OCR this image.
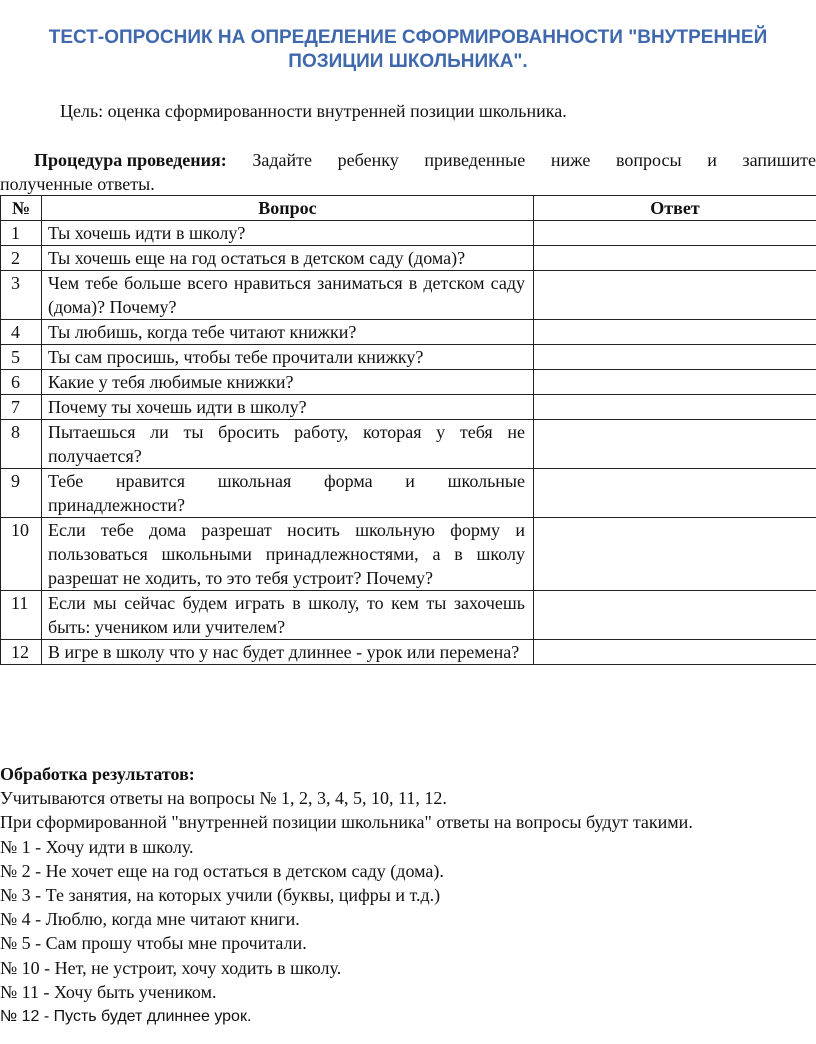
ТЕСТ-ОПРОСНИК НА ОПРЕДЕЛЕНИЕ СФОРМИРОВАННОСТИ "ВНУТРЕННЕЙ
ПОЗИЦИИ ШКОЛЬНИКА".
Цель: оценка сформированности внутренней позиции школьника.
Процедура проведения: Задайте ребенку приведенные ниже вопросы и запишите
полученные ответы.
№	Вопрос	Ответ
1	Ты хочешь идти в школу?	
2	Ты хочешь еще на год остаться в детском саду (дома)?	
3	Чем тебе больше всего нравиться заниматься в детском саду (дома)? Почему?	
4	Ты любишь, когда тебе читают книжки?	
5	Ты сам просишь, чтобы тебе прочитали книжку?	
6	Какие у тебя любимые книжки?	
7	Почему ты хочешь идти в школу?	
8	Пытаешься ли ты бросить работу, которая у тебя не получается?	
9	Тебе нравится школьная форма и школьные принадлежности?	
10	Если тебе дома разрешат носить школьную форму и пользоваться школьными принадлежностями, а в школу разрешат не ходить, то это тебя устроит? Почему?	
11	Если мы сейчас будем играть в школу, то кем ты захочешь быть: учеником или учителем?	
12	В игре в школу что у нас будет длиннее - урок или перемена?	
Обработка результатов:
Учитываются ответы на вопросы № 1, 2, 3, 4, 5, 10, 11, 12.
При сформированной "внутренней позиции школьника" ответы на вопросы будут такими.
№ 1 - Хочу идти в школу.
№ 2 - Не хочет еще на год остаться в детском саду (дома).
№ 3 - Те занятия, на которых учили (буквы, цифры и т.д.)
№ 4 - Люблю, когда мне читают книги.
№ 5 - Сам прошу чтобы мне прочитали.
№ 10 - Нет, не устроит, хочу ходить в школу.
№ 11 - Хочу быть учеником.
№ 12 - Пусть будет длиннее урок.
